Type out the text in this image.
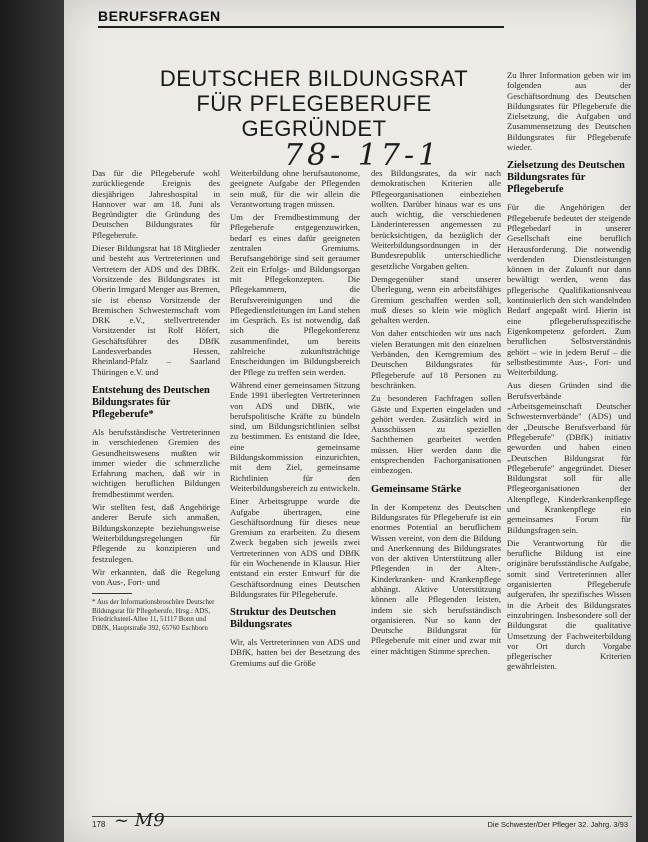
BERUFSFRAGEN
DEUTSCHER BILDUNGSRAT
FÜR PFLEGEBERUFE
GEGRÜNDET
78- 17-1

Das für die Pflegeberufe wohl zurückliegende Ereignis des diesjährigen Jahreshospital in Hannover war am 18. Juni als Begründigter die Gründung des Deutschen Bildungsrates für Pflegeberufe.

Dieser Bildungsrat hat 18 Mitglieder und besteht aus Vertreterinnen und Vertretern der ADS und des DBfK. Vorsitzende des Bildungsrates ist Oberin Irmgard Menger aus Bremen, sie ist ebenso Vorsitzende der Bremischen Schwesternschaft vom DRK e.V., stellvertretender Vorsitzender ist Rolf Höfert, Geschäftsführer des DBfK Landesverbandes Hessen, Rheinland-Pfalz – Saarland Thüringen e.V. und

Entstehung des Deutschen Bildungsrates für Pflegeberufe*

Als berufsständische Vertreterinnen in verschiedenen Gremien des Gesundheitswesens mußten wir immer wieder die schmerzliche Erfahrung machen, daß wir in wichtigen beruflichen Bildungen fremdbestimmt werden.

Wir stellten fest, daß Angehörige anderer Berufe sich anmaßen, Bildungskonzepte beziehungsweise Weiterbildungsregelungen für Pflegende zu konzipieren und festzulegen.

Wir erkannten, daß die Regelung von Aus-, Fort- und

* Aus der Informationsbroschüre Deutscher Bildungsrat für Pflegeberufe, Hrsg.: ADS, Friedrichsteel-Allee 11, 51117 Bonn und DBfK, Hauptstraße 392, 65760 Eschborn

Weiterbildung ohne berufsautonome, geeignete Aufgabe der Pflegenden sein muß, für die wir allein die Verantwortung tragen müssen.

Um der Fremdbestimmung der Pflegeberufe entgegenzuwirken, bedarf es eines dafür geeigneten zentralen Gremiums. Berufsangehörige sind seit geraumer Zeit ein Erfolgs- und Bildungsorgan mit Pflegekonzepten. Die Pflegekammern, die Berufsvereinigungen und die Pflegedienstleitungen im Land stehen im Gespräch. Es ist notwendig, daß sich die Pflegekonferenz zusammenfindet, um bereits zahlreiche zukunftsträchtige Entscheidungen im Bildungsbereich der Pflege zu treffen sein werden.

Während einer gemeinsamen Sitzung Ende 1991 überlegten Vertreterinnen von ADS und DBfK, wie berufspolitische Kräfte zu bündeln sind, um Bildungsrichtlinien selbst zu bestimmen. Es entstand die Idee, eine gemeinsame Bildungskommission einzurichten, mit dem Ziel, gemeinsame Richtlinien für den Weiterbildungsbereich zu entwickeln.

Einer Arbeitsgruppe wurde die Aufgabe übertragen, eine Geschäftsordnung für dieses neue Gremium zu erarbeiten. Zu diesem Zweck begaben sich jeweils zwei Vertreterinnen von ADS und DBfK für ein Wochenende in Klausur. Hier entstand ein erster Entwurf für die Geschäftsordnung eines Deutschen Bildungsrates für Pflegeberufe.

Struktur des Deutschen Bildungsrates

Wir, als Vertreterinnen von ADS und DBfK, hatten bei der Besetzung des Gremiums auf die Größe

des Bildungsrates, da wir nach demokratischen Kriterien alle Pflegeorganisationen einbeziehen wollten. Darüber hinaus war es uns auch wichtig, die verschiedenen Länderinteressen angemessen zu berücksichtigen, da bezüglich der Weiterbildungsordnungen in der Bundesrepublik unterschiedliche gesetzliche Vorgaben gelten.

Demgegenüber stand unserer Überlegung, wenn ein arbeitsfähiges Gremium geschaffen werden soll, muß dieses so klein wie möglich gehalten werden.

Von daher entschieden wir uns nach vielen Beratungen mit den einzelnen Verbänden, den Kerngremium des Deutschen Bildungsrates für Pflegeberufe auf 18 Personen zu beschränken.

Zu besonderen Fachfragen sollen Gäste und Experten eingeladen und gehört werden. Zusätzlich wird in Ausschüssen zu speziellen Sachthemen gearbeitet werden müssen. Hier werden dann die entsprechenden Fachorganisationen einbezogen.

Gemeinsame Stärke

In der Kompetenz des Deutschen Bildungsrates für Pflegeberufe ist ein enormes Potential an beruflichem Wissen vereint, von dem die Bildung und Anerkennung des Bildungsrates von der aktiven Unterstützung aller Pflegenden in der Alten-, Kinderkranken- und Krankenpflege abhängt. Aktive Unterstützung können alle Pflegenden leisten, indem sie sich berufsständisch organisieren. Nur so kann der Deutsche Bildungsrat für Pflegeberufe mit einer und zwar mit einer mächtigen Stimme sprechen.

Zu Ihrer Information geben wir im folgenden aus der Geschäftsordnung des Deutschen Bildungsrates für Pflegeberufe die Zielsetzung, die Aufgaben und Zusammensetzung des Deutschen Bildungsrates für Pflegeberufe wieder.

Zielsetzung des Deutschen Bildungsrates für Pflegeberufe

Für die Angehörigen der Pflegeberufe bedeutet der steigende Pflegebedarf in unserer Gesellschaft eine beruflich Herausforderung. Die notwendig werdenden Dienstleistungen können in der Zukunft nur dann bewältigt werden, wenn das pflegerische Qualifikationsniveau kontinuierlich den sich wandelnden Bedarf angepaßt wird. Hierin ist eine pflegeberufsspezifische Eigenkompetenz gefordert. Zum beruflichen Selbstverständnis gehört – wie in jedem Beruf – die selbstbestimmte Aus-, Fort- und Weiterbildung.

Aus diesen Gründen sind die Berufsverbände „Arbeitsgemeinschaft Deutscher Schwesternverbände" (ADS) und der „Deutsche Berufsverband für Pflegeberufe" (DBfK) initiativ geworden und haben einen „Deutschen Bildungsrat für Pflegeberufe" angegründet. Dieser Bildungsrat soll für alle Pflegeorganisationen der Altenpflege, Kinderkrankenpflege und Krankenpflege ein gemeinsames Forum für Bildungsfragen sein.

Die Verantwortung für die berufliche Bildung ist eine originäre berufsständische Aufgabe, somit sind Vertreterinnen aller organisierten Pflegeberufe aufgerufen, ihr spezifisches Wissen in die Arbeit des Bildungsrates einzubringen. Insbesondere soll der Bildungsrat die qualitative Umsetzung der Fachweiterbildung vor Ort durch Vorgabe pflegerischer Kriterien gewährleisten.

178 ~ M9	Die Schwester/Der Pfleger 32. Jahrg. 3/93
